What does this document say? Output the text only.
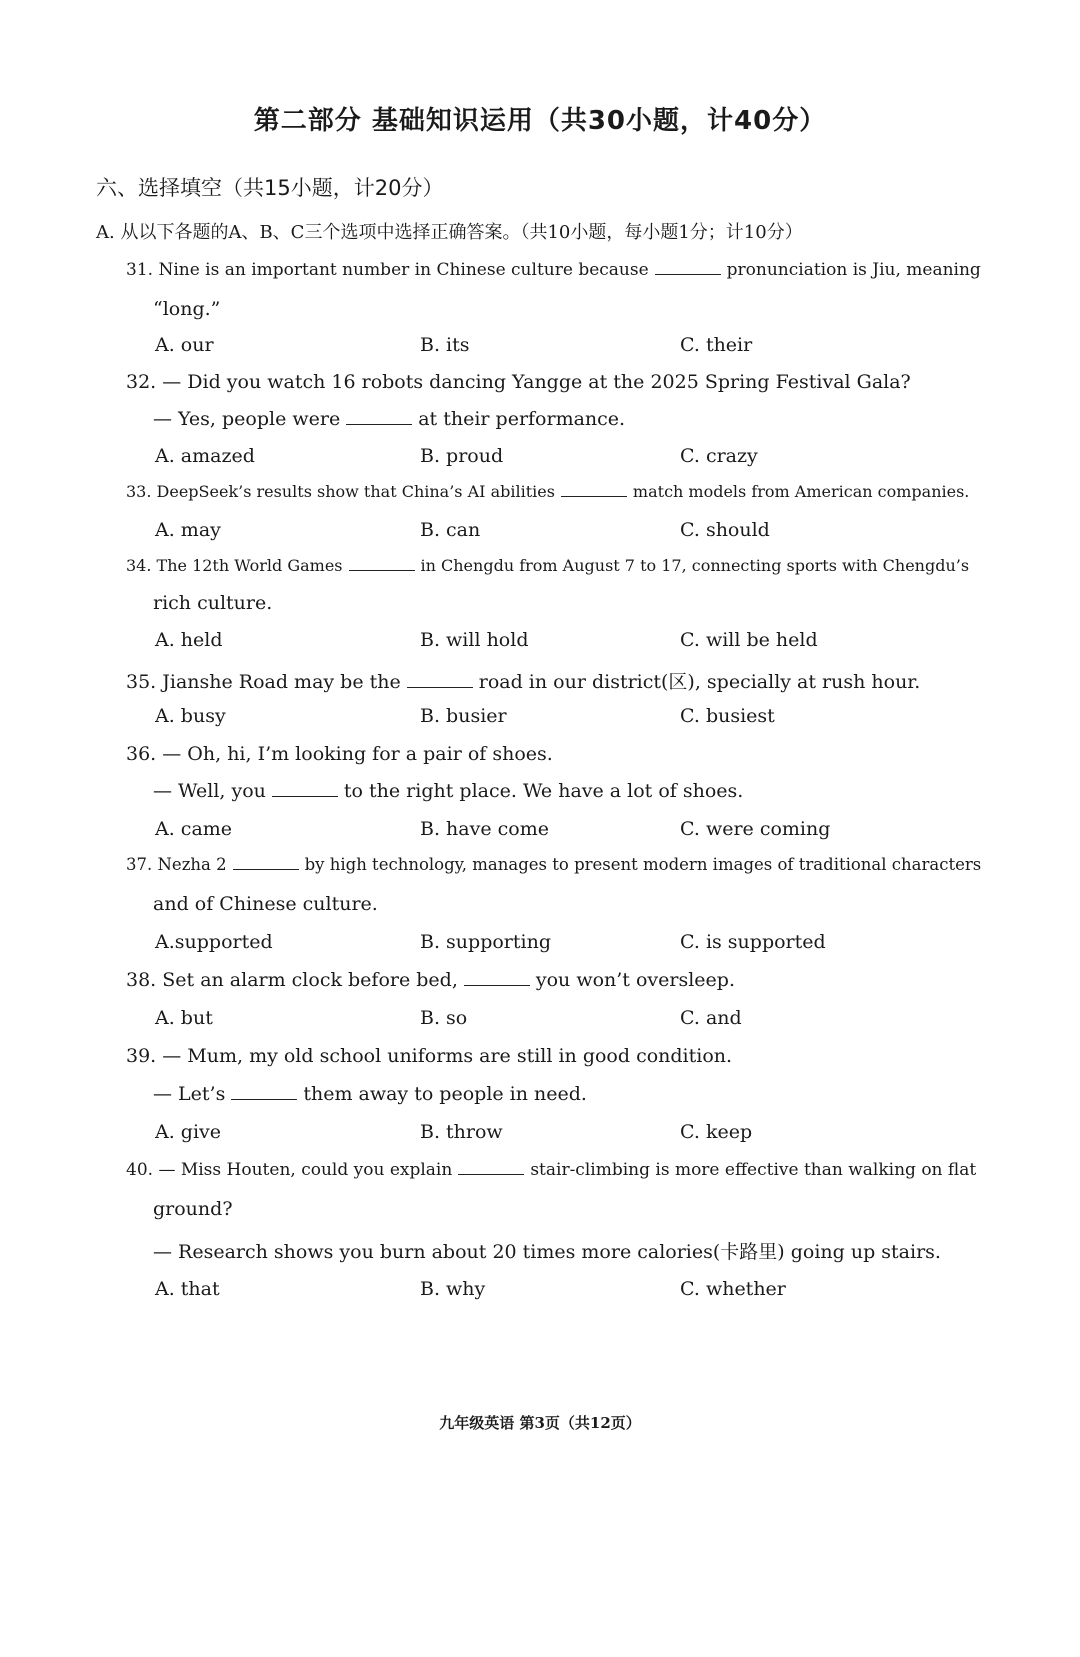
第二部分 基础知识运用（共30小题，计40分）
六、选择填空（共15小题，计20分）
A. 从以下各题的A、B、C三个选项中选择正确答案。（共10小题，每小题1分；计10分）
31. Nine is an important number in Chinese culture because	pronunciation is Jiu, meaning
“long.”
A. our	B. its	C. their
32. — Did you watch 16 robots dancing Yangge at the 2025 Spring Festival Gala?
— Yes, people were	at their performance.
A. amazed	B. proud	C. crazy
33. DeepSeek’s results show that China’s AI abilities	match models from American companies.
A. may	B. can	C. should
34. The 12th World Games	in Chengdu from August 7 to 17, connecting sports with Chengdu’s
rich culture.
A. held	B. will hold	C. will be held
35. Jianshe Road may be the	road in our district(区), specially at rush hour.
A. busy	B. busier	C. busiest
36. — Oh, hi, I’m looking for a pair of shoes.
— Well, you	to the right place. We have a lot of shoes.
A. came	B. have come	C. were coming
37. Nezha 2	by high technology, manages to present modern images of traditional characters
and of Chinese culture.
A.supported	B. supporting	C. is supported
38. Set an alarm clock before bed,	you won’t oversleep.
A. but	B. so	C. and
39. — Mum, my old school uniforms are still in good condition.
— Let’s	them away to people in need.
A. give	B. throw	C. keep
40. — Miss Houten, could you explain	stair-climbing is more effective than walking on flat
ground?
— Research shows you burn about 20 times more calories(卡路里) going up stairs.
A. that	B. why	C. whether
九年级英语 第3页（共12页）
